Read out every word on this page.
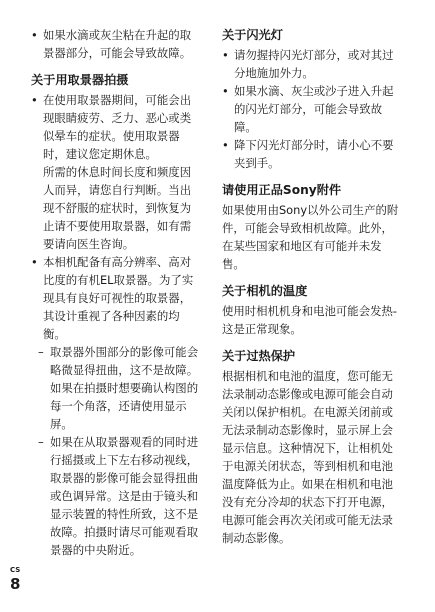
• 如果水滴或灰尘粘在升起的取景器部分，可能会导致故障。

关于用取景器拍摄

• 在使用取景器期间，可能会出现眼睛疲劳、乏力、恶心或类似晕车的症状。使用取景器时，建议您定期休息。

所需的休息时间长度和频度因人而异，请您自行判断。当出现不舒服的症状时，到恢复为止请不要使用取景器，如有需要请向医生咨询。

• 本相机配备有高分辨率、高对比度的有机EL取景器。为了实现具有良好可视性的取景器，其设计重视了各种因素的均衡。

– 取景器外围部分的影像可能会略微显得扭曲，这不是故障。如果在拍摄时想要确认构图的每一个角落，还请使用显示屏。

– 如果在从取景器观看的同时进行摇摄或上下左右移动视线，取景器的影像可能会显得扭曲或色调异常。这是由于镜头和显示装置的特性所致，这不是故障。拍摄时请尽可能观看取景器的中央附近。

关于闪光灯

• 请勿握持闪光灯部分，或对其过分地施加外力。

• 如果水滴、灰尘或沙子进入升起的闪光灯部分，可能会导致故障。

• 降下闪光灯部分时，请小心不要夹到手。

请使用正品Sony附件

如果使用由Sony以外公司生产的附件，可能会导致相机故障。此外，在某些国家和地区有可能并未发售。

关于相机的温度

使用时相机机身和电池可能会发热-这是正常现象。

关于过热保护

根据相机和电池的温度，您可能无法录制动态影像或电源可能会自动关闭以保护相机。在电源关闭前或无法录制动态影像时，显示屏上会显示信息。这种情况下，让相机处于电源关闭状态，等到相机和电池温度降低为止。如果在相机和电池没有充分冷却的状态下打开电源，电源可能会再次关闭或可能无法录制动态影像。

CS
8
